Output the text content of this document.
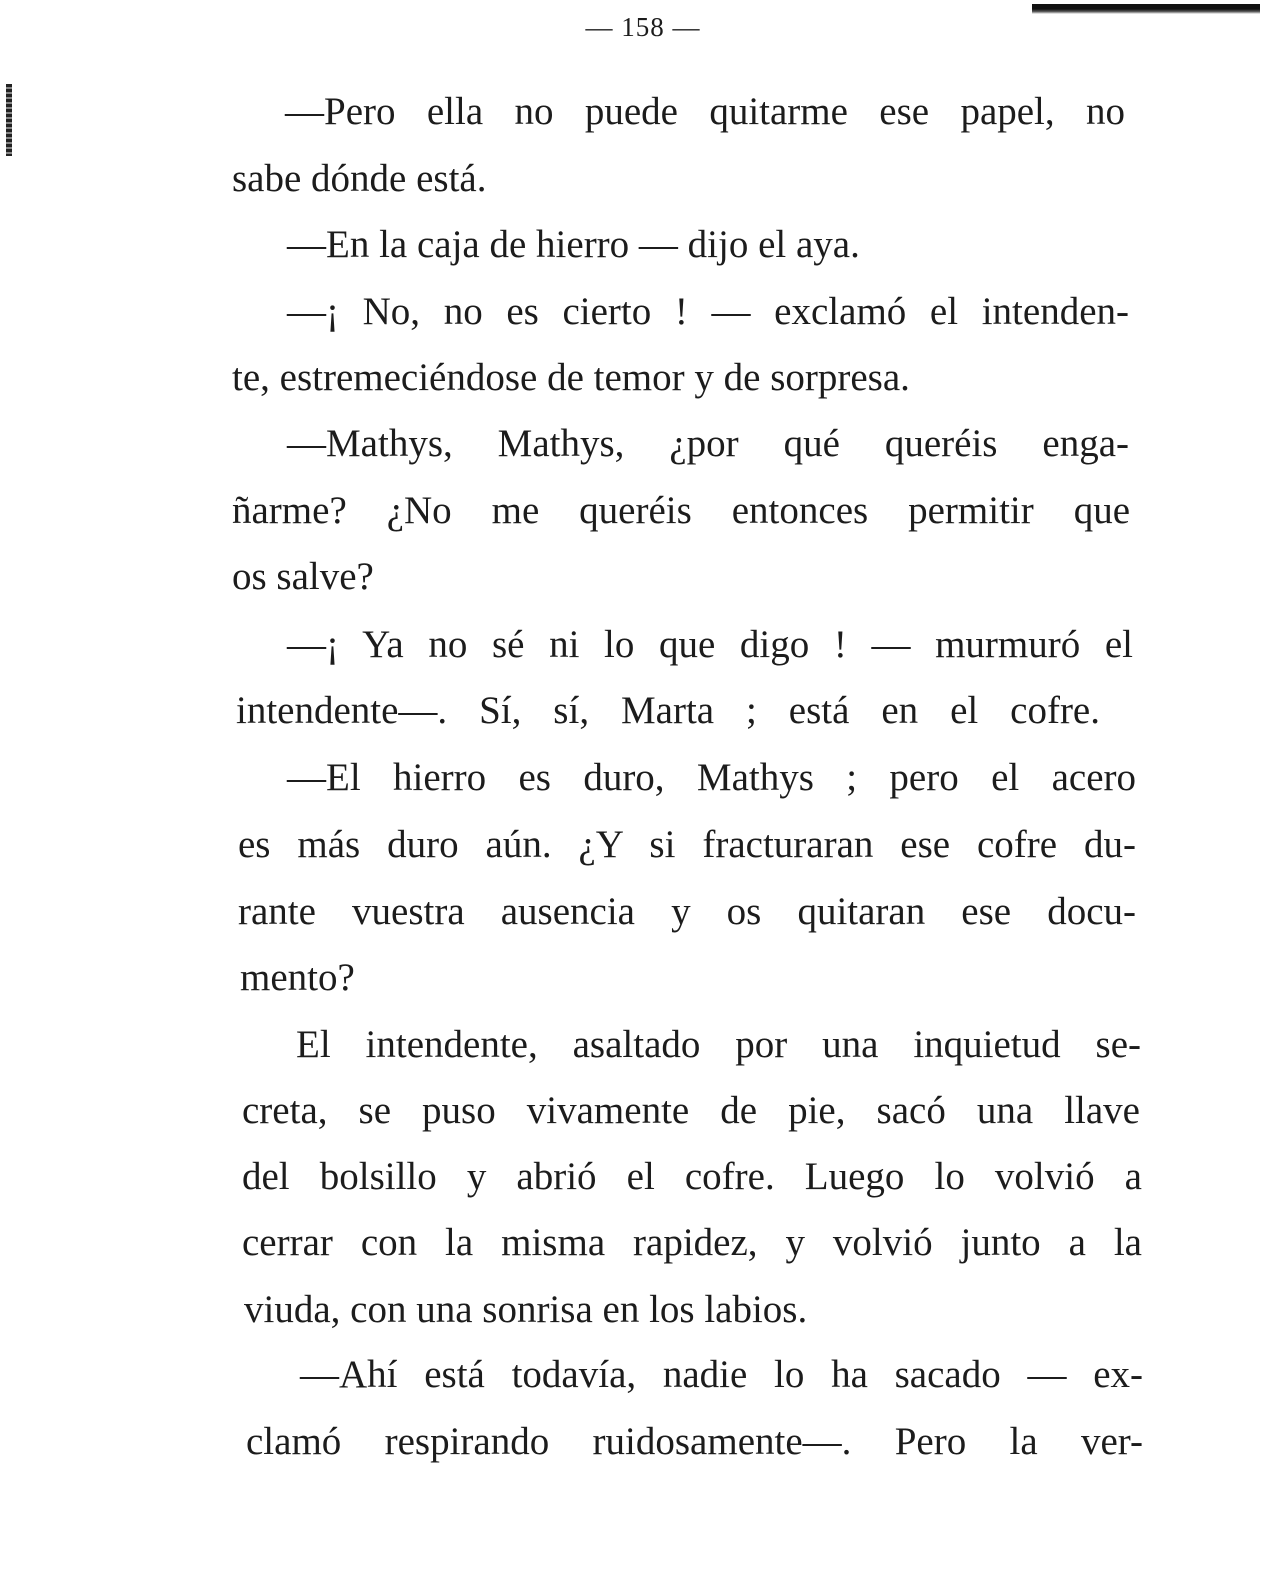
— 158 —
—Pero ella no puede quitarme ese papel, no
sabe dónde está.
—En la caja de hierro — dijo el aya.
—¡ No, no es cierto ! — exclamó el intenden-
te, estremeciéndose de temor y de sorpresa.
—Mathys, Mathys, ¿por qué queréis enga-
ñarme? ¿No me queréis entonces permitir que
os salve?
—¡ Ya no sé ni lo que digo ! — murmuró el
intendente—. Sí, sí, Marta ; está en el cofre.
—El hierro es duro, Mathys ; pero el acero
es más duro aún. ¿Y si fracturaran ese cofre du-
rante vuestra ausencia y os quitaran ese docu-
mento?
El intendente, asaltado por una inquietud se-
creta, se puso vivamente de pie, sacó una llave
del bolsillo y abrió el cofre. Luego lo volvió a
cerrar con la misma rapidez, y volvió junto a la
viuda, con una sonrisa en los labios.
—Ahí está todavía, nadie lo ha sacado — ex-
clamó respirando ruidosamente—. Pero la ver-
